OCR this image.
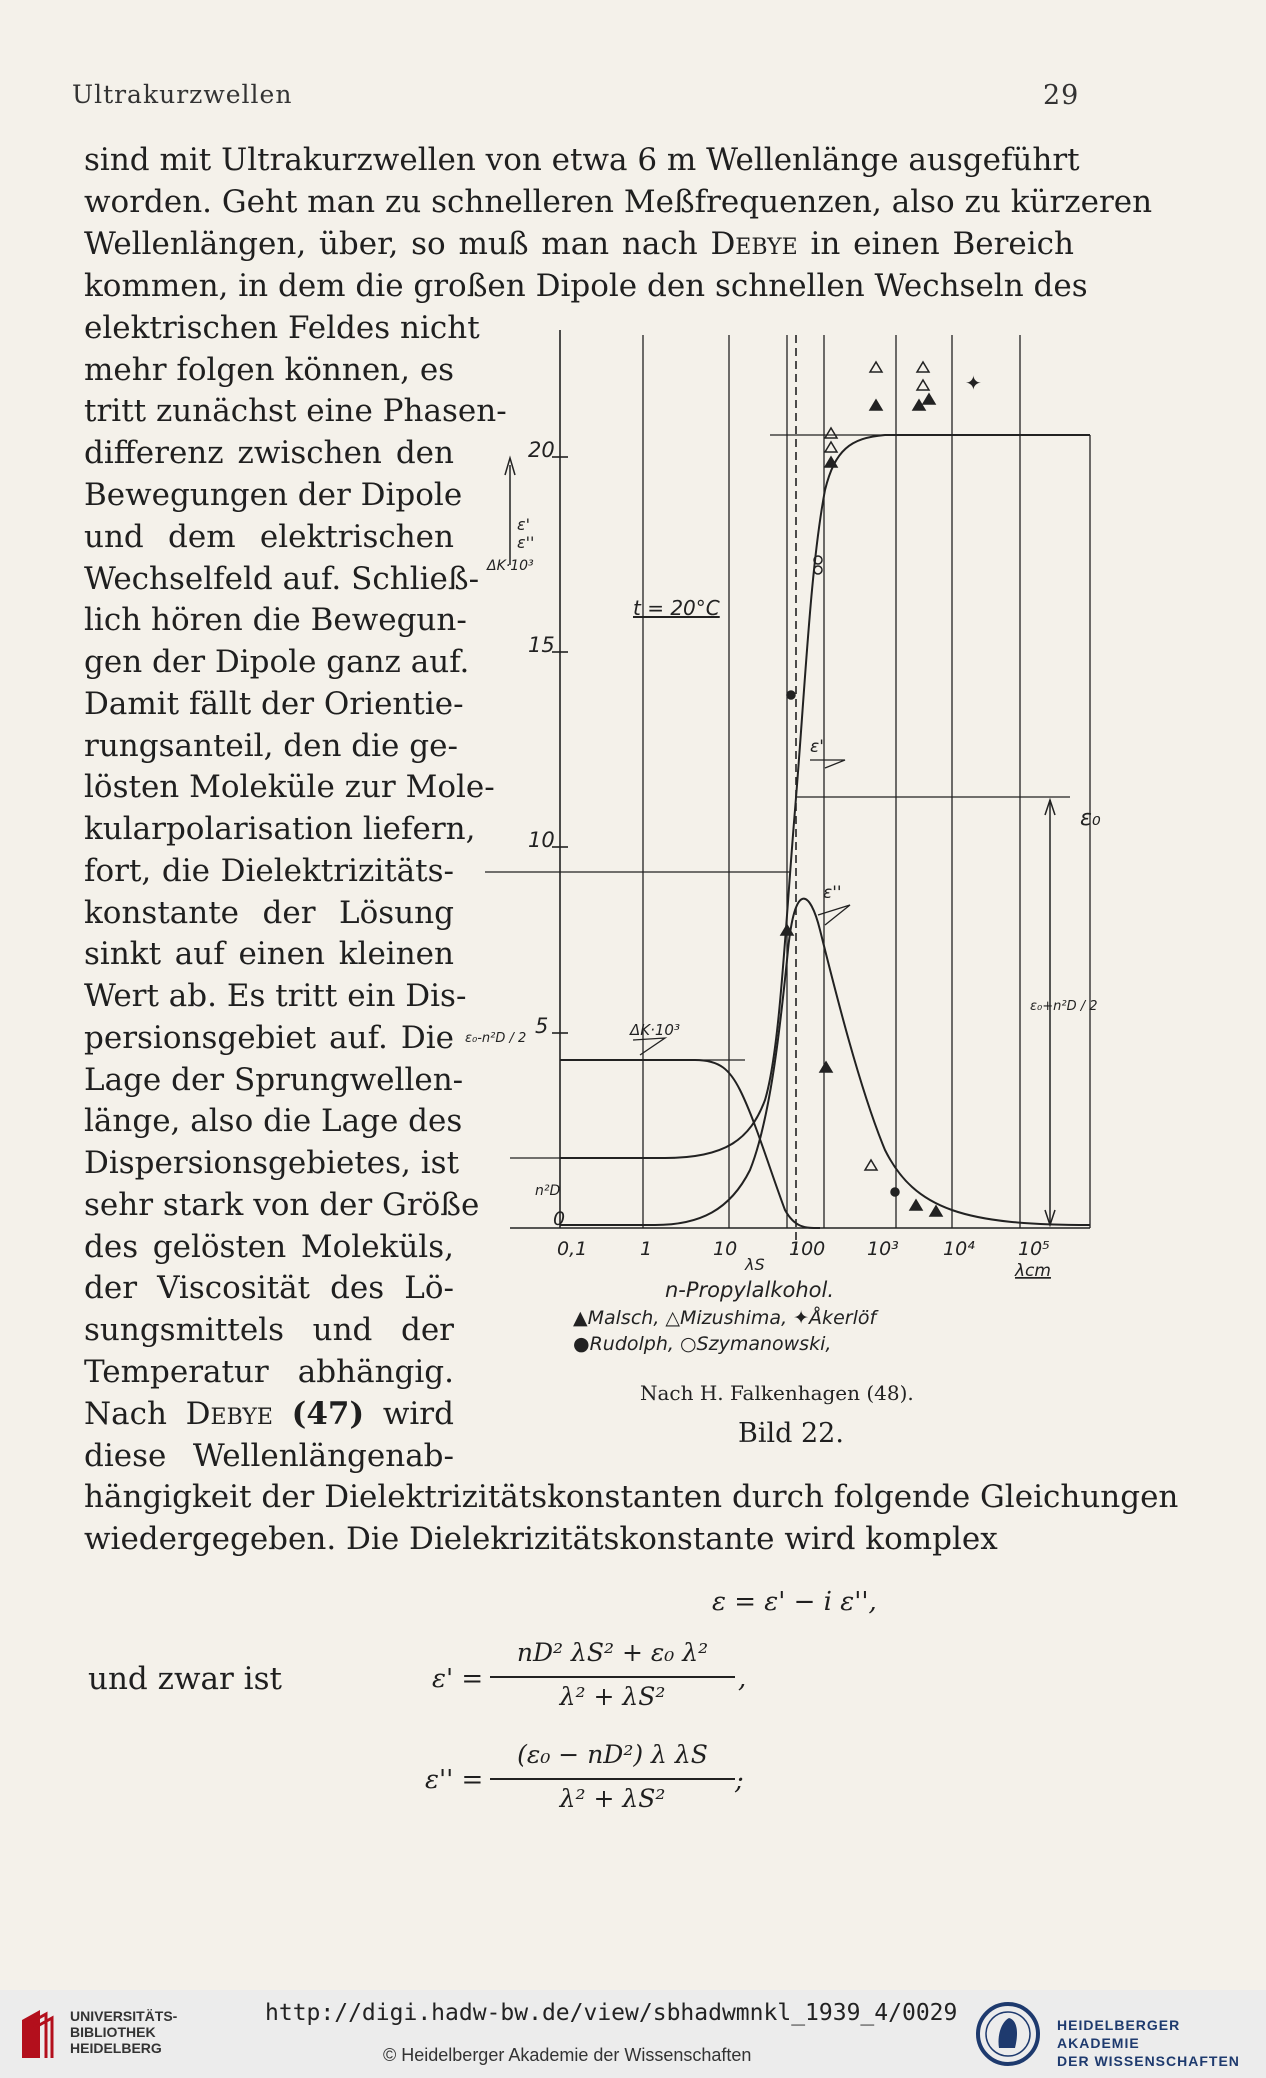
Ultrakurzwellen	29
sind mit Ultrakurzwellen von etwa 6 m Wellenlänge ausgeführt
worden. Geht man zu schnelleren Meßfrequenzen, also zu kürzeren
Wellenlängen, über, so muß man nach Debye in einen Bereich
kommen, in dem die großen Dipole den schnellen Wechseln des
elektrischen Feldes nicht
mehr folgen können, es
tritt zunächst eine Phasen-
differenz zwischen den
Bewegungen der Dipole
und dem elektrischen
Wechselfeld auf. Schließ-
lich hören die Bewegun-
gen der Dipole ganz auf.
Damit fällt der Orientie-
rungsanteil, den die ge-
lösten Moleküle zur Mole-
kularpolarisation liefern,
fort, die Dielektrizitäts-
konstante der Lösung
sinkt auf einen kleinen
Wert ab. Es tritt ein Dis-
persionsgebiet auf. Die
Lage der Sprungwellen-
länge, also die Lage des
Dispersionsgebietes, ist
sehr stark von der Größe
des gelösten Moleküls,
der Viscosität des Lö-
sungsmittels und der
Temperatur abhängig.
Nach Debye (47) wird
diese Wellenlängenab-
hängigkeit der Dielektrizitätskonstanten durch folgende Gleichungen
wiedergegeben. Die Dielekrizitätskonstante wird komplex
✦
20
15
10
5
0
ε'
ε''
ΔK·10³
t = 20°C
0,1	1	10	100 10³ 10⁴ 10⁵
λS	λcm
ε'
ε''
ΔK·10³
ε₀-n²D / 2
n²D
ε₀
ε₀+n²D / 2
n-Propylalkohol.
▲Malsch, △Mizushima, ✦Åkerlöf
●Rudolph, ○Szymanowski,
Nach H. Falkenhagen (48).
Bild 22.
ε = ε' − i ε'',
und zwar ist	ε' =
nD² λS² + ε₀ λ²
λ² + λS²
,
ε'' =
(ε₀ − nD²) λ λS
λ² + λS²
;
UNIVERSITÄTS-
BIBLIOTHEK
HEIDELBERG
http://digi.hadw-bw.de/view/sbhadwmnkl_1939_4/0029
© Heidelberger Akademie der Wissenschaften
HEIDELBERGER AKADEMIE
DER WISSENSCHAFTEN
